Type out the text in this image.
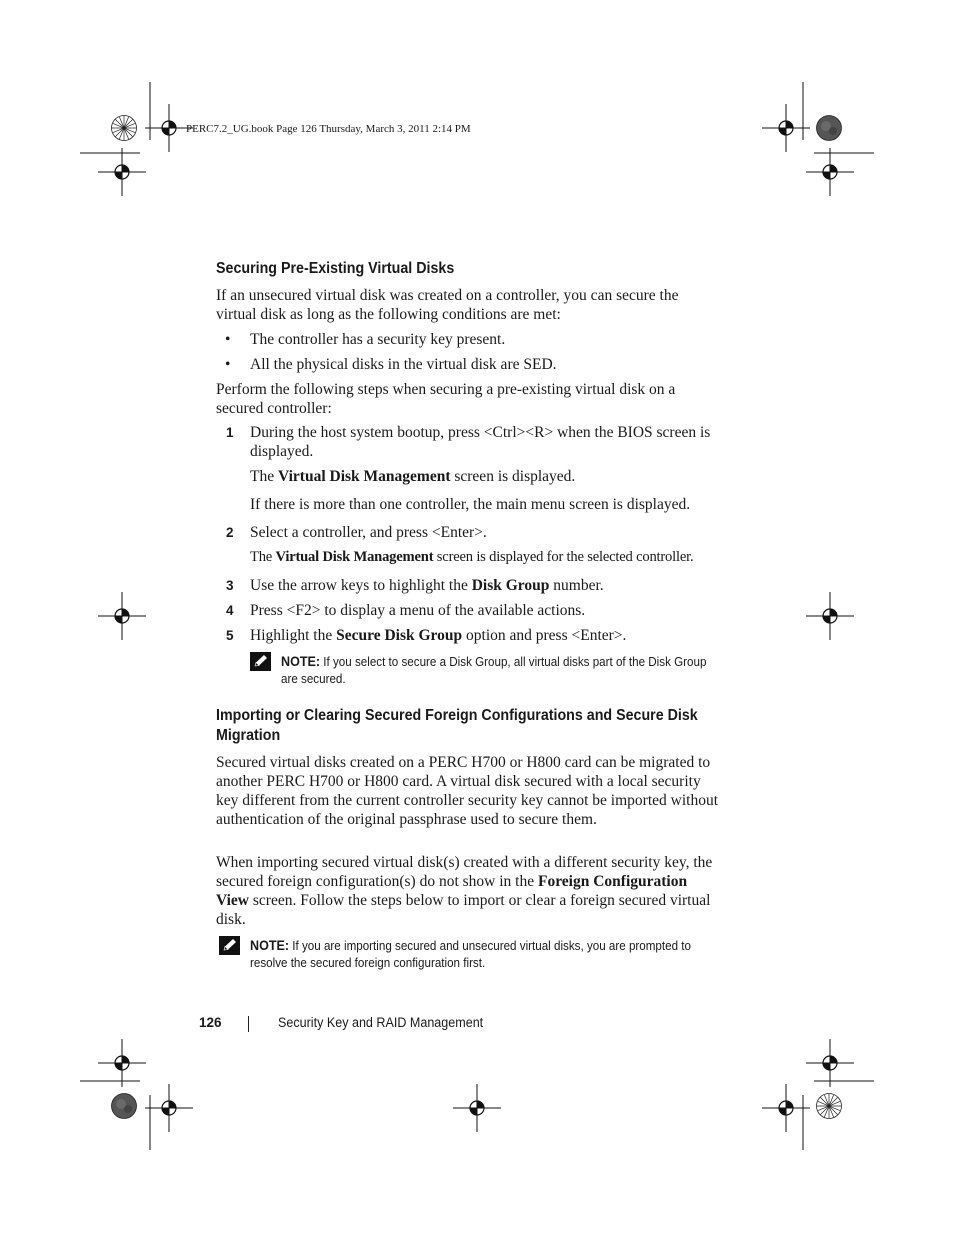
PERC7.2_UG.book Page 126 Thursday, March 3, 2011 2:14 PM
Securing Pre-Existing Virtual Disks
If an unsecured virtual disk was created on a controller, you can secure the virtual disk as long as the following conditions are met:
• The controller has a security key present.
• All the physical disks in the virtual disk are SED.
Perform the following steps when securing a pre-existing virtual disk on a secured controller:
1 During the host system bootup, press <Ctrl><R> when the BIOS screen is displayed.
The Virtual Disk Management screen is displayed.
If there is more than one controller, the main menu screen is displayed.
2 Select a controller, and press <Enter>.
The Virtual Disk Management screen is displayed for the selected controller.
3 Use the arrow keys to highlight the Disk Group number.
4 Press <F2> to display a menu of the available actions.
5 Highlight the Secure Disk Group option and press <Enter>.
NOTE: If you select to secure a Disk Group, all virtual disks part of the Disk Group are secured.
Importing or Clearing Secured Foreign Configurations and Secure Disk Migration
Secured virtual disks created on a PERC H700 or H800 card can be migrated to another PERC H700 or H800 card. A virtual disk secured with a local security key different from the current controller security key cannot be imported without authentication of the original passphrase used to secure them.
When importing secured virtual disk(s) created with a different security key, the secured foreign configuration(s) do not show in the Foreign Configuration View screen. Follow the steps below to import or clear a foreign secured virtual disk.
NOTE: If you are importing secured and unsecured virtual disks, you are prompted to resolve the secured foreign configuration first.
126	Security Key and RAID Management
